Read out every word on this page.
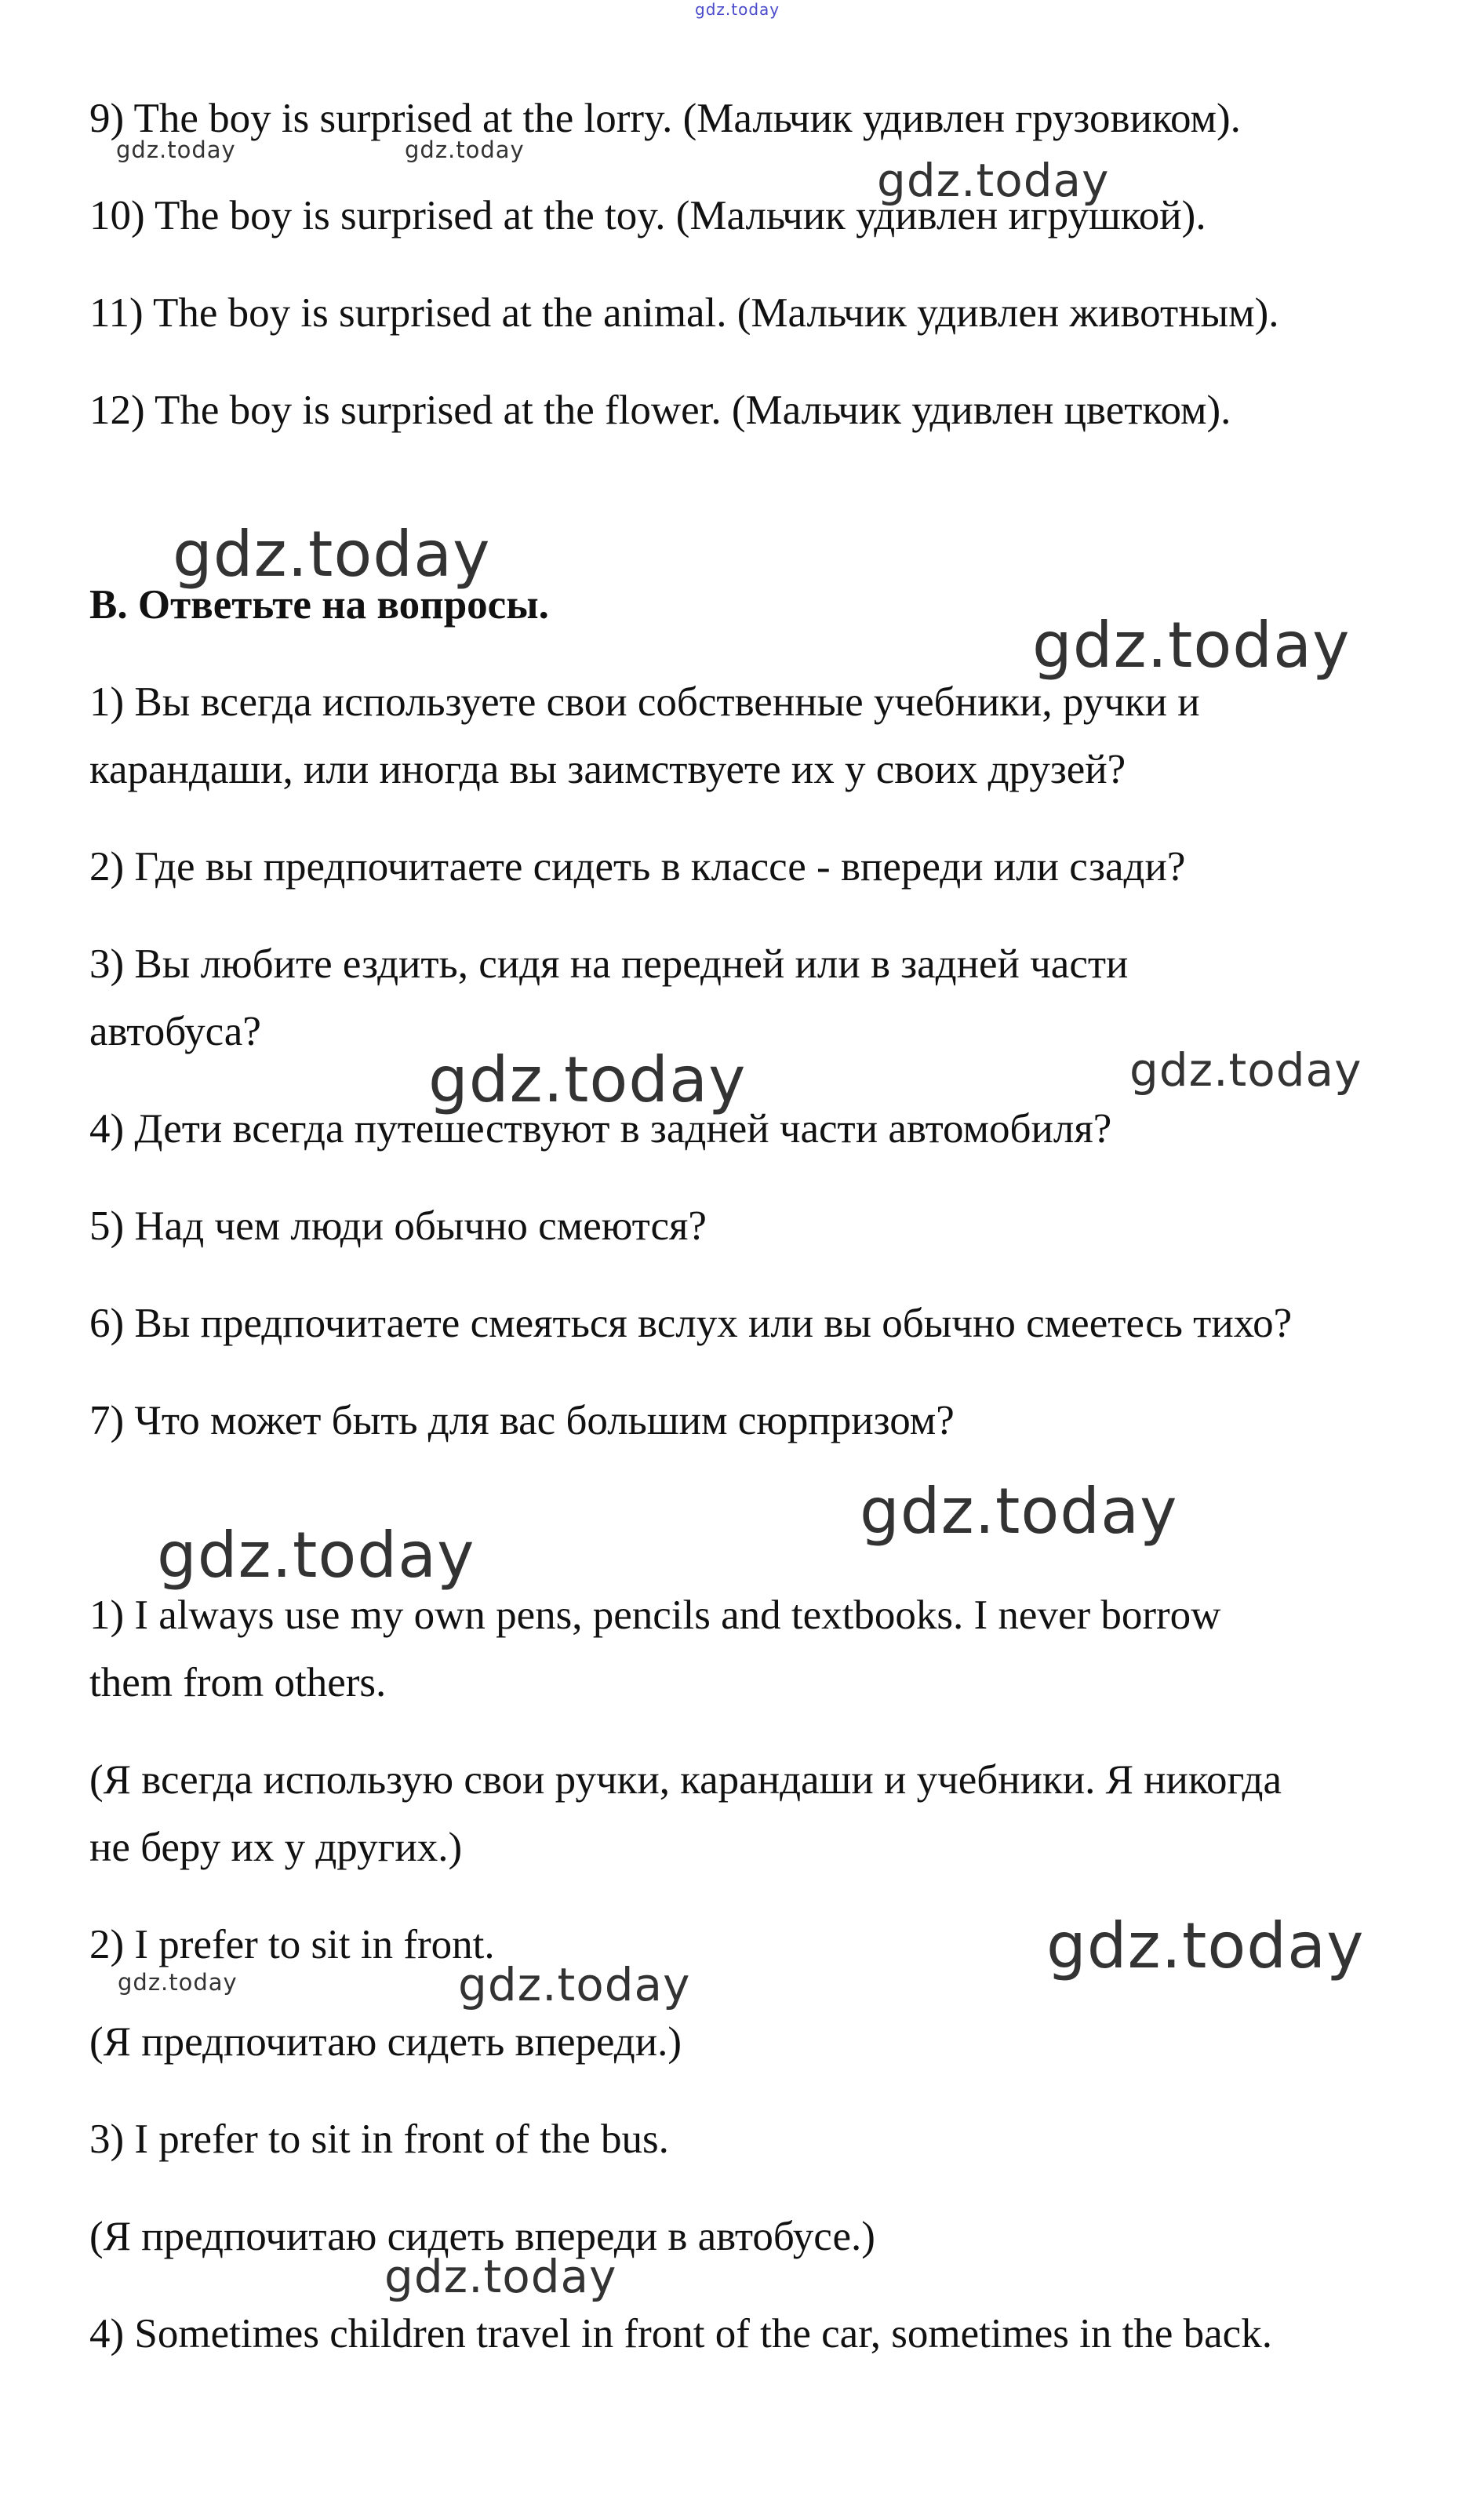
9) The boy is surprised at the lorry. (Мальчик удивлен грузовиком).

10) The boy is surprised at the toy. (Мальчик удивлен игрушкой).

11) The boy is surprised at the animal. (Мальчик удивлен животным).

12) The boy is surprised at the flower. (Мальчик удивлен цветком).

B. Ответьте на вопросы.

1) Вы всегда используете свои собственные учебники, ручки и

карандаши, или иногда вы заимствуете их у своих друзей?

2) Где вы предпочитаете сидеть в классе - впереди или сзади?

3) Вы любите ездить, сидя на передней или в задней части

автобуса?

4) Дети всегда путешествуют в задней части автомобиля?

5) Над чем люди обычно смеются?

6) Вы предпочитаете смеяться вслух или вы обычно смеетесь тихо?

7) Что может быть для вас большим сюрпризом?

1) I always use my own pens, pencils and textbooks. I never borrow

them from others.

(Я всегда использую свои ручки, карандаши и учебники. Я никогда

не беру их у других.)

2) I prefer to sit in front.

(Я предпочитаю сидеть впереди.)

3) I prefer to sit in front of the bus.

(Я предпочитаю сидеть впереди в автобусе.)

4) Sometimes children travel in front of the car, sometimes in the back.

gdz.today
gdz.today	gdz.today
gdz.today
gdz.today
gdz.today
gdz.today	gdz.today
gdz.today
gdz.today
gdz.today
gdz.today	gdz.today
gdz.today
